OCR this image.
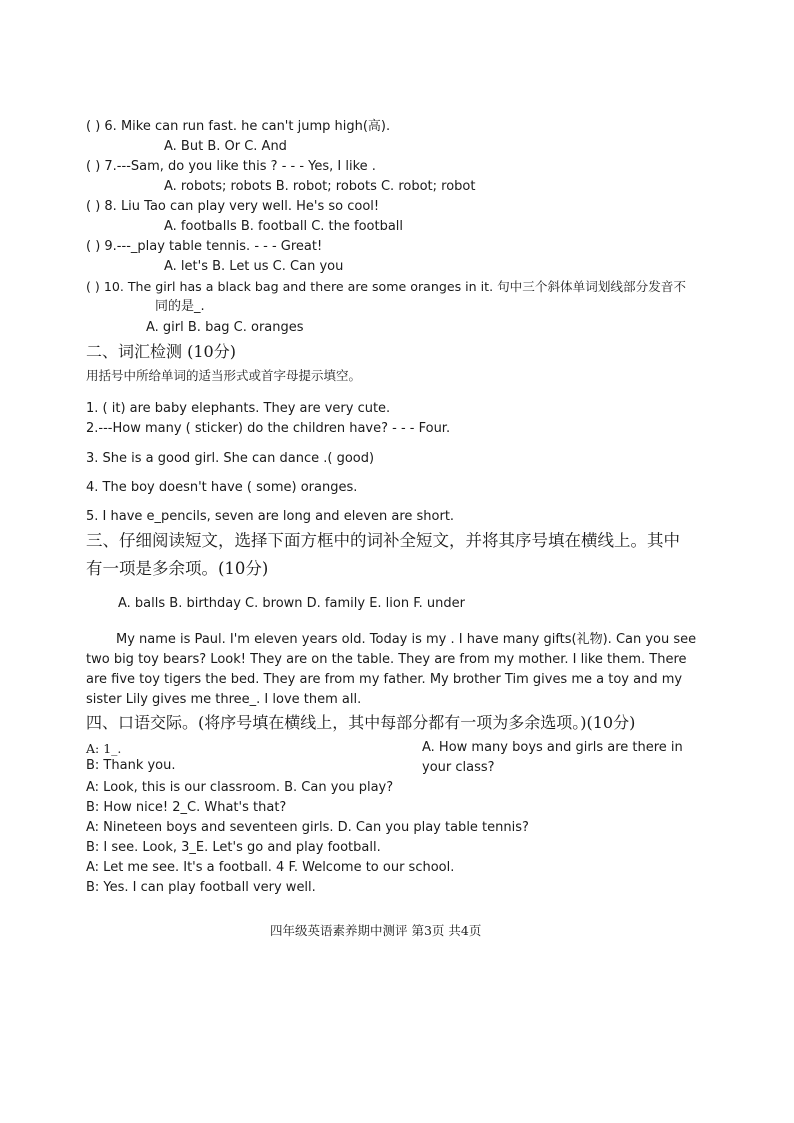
( ) 6. Mike can run fast. he can't jump high(高).
A. But B. Or C. And
( ) 7.---Sam, do you like this ? - - - Yes, I like .
A. robots; robots B. robot; robots C. robot; robot
( ) 8. Liu Tao can play very well. He's so cool!
A. footballs B. football C. the football
( ) 9.---_play table tennis. - - - Great!
A. let's B. Let us C. Can you
( ) 10. The girl has a black bag and there are some oranges in it. 句中三个斜体单词划线部分发音不
同的是_.
A. girl B. bag C. oranges
二、词汇检测 (10分)
用括号中所给单词的适当形式或首字母提示填空。
1. ( it) are baby elephants. They are very cute.
2.---How many ( sticker) do the children have? - - - Four.
3. She is a good girl. She can dance .( good)
4. The boy doesn't have ( some) oranges.
5. I have e_pencils, seven are long and eleven are short.
三、仔细阅读短文，选择下面方框中的词补全短文，并将其序号填在横线上。其中
有一项是多余项。(10分)
A. balls B. birthday C. brown D. family E. lion F. under
My name is Paul. I'm eleven years old. Today is my . I have many gifts(礼物). Can you see
two big toy bears? Look! They are on the table. They are from my mother. I like them. There
are five toy tigers the bed. They are from my father. My brother Tim gives me a toy and my
sister Lily gives me three_. I love them all.
四、口语交际。(将序号填在横线上，其中每部分都有一项为多余选项。)(10分)
A: 1_.
B: Thank you.
A. How many boys and girls are there in
your class?
A: Look, this is our classroom. B. Can you play?
B: How nice! 2_C. What's that?
A: Nineteen boys and seventeen girls. D. Can you play table tennis?
B: I see. Look, 3_E. Let's go and play football.
A: Let me see. It's a football. 4 F. Welcome to our school.
B: Yes. I can play football very well.
四年级英语素养期中测评 第3页 共4页
